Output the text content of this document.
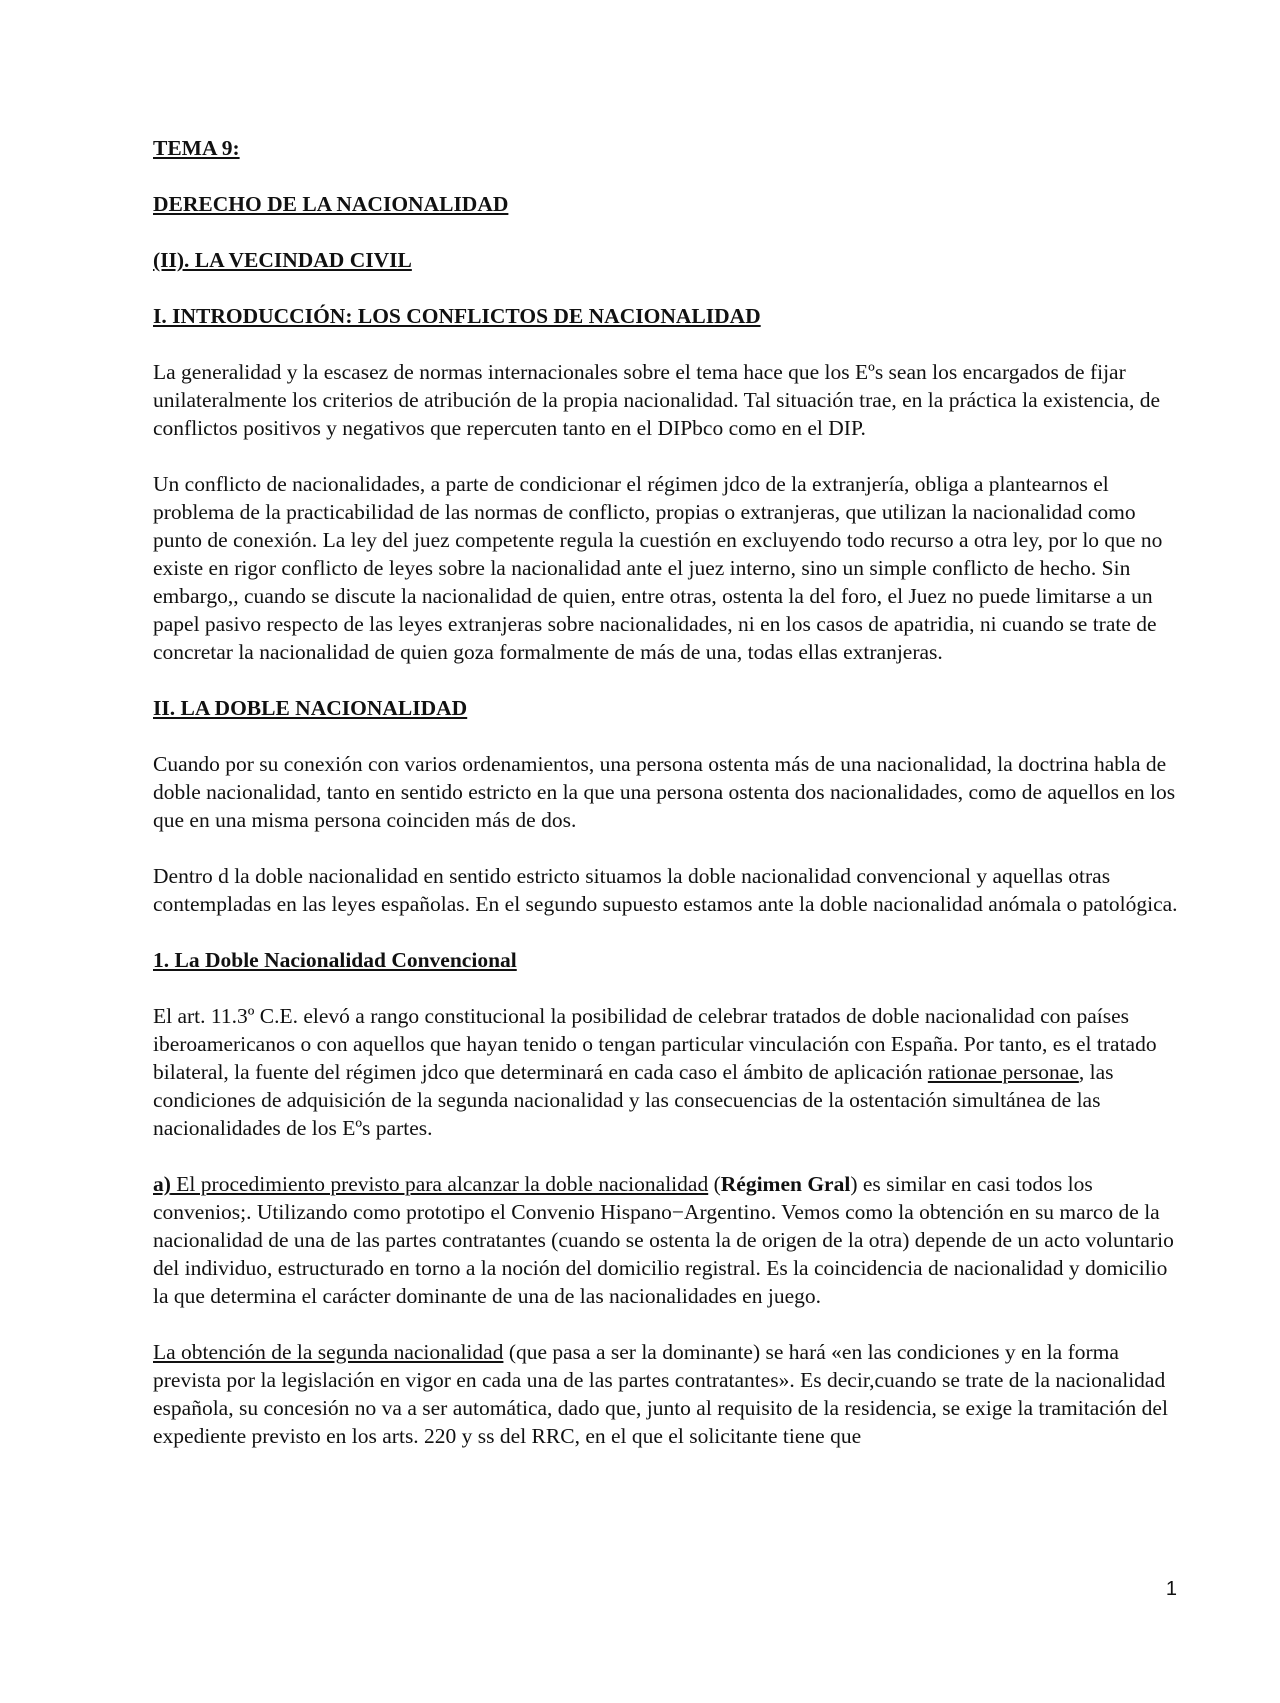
TEMA 9:
DERECHO DE LA NACIONALIDAD
(II). LA VECINDAD CIVIL
I. INTRODUCCIÓN: LOS CONFLICTOS DE NACIONALIDAD

La generalidad y la escasez de normas internacionales sobre el tema hace que los Eºs sean los encargados de fijar unilateralmente los criterios de atribución de la propia nacionalidad. Tal situación trae, en la práctica la existencia, de conflictos positivos y negativos que repercuten tanto en el DIPbco como en el DIP.

Un conflicto de nacionalidades, a parte de condicionar el régimen jdco de la extranjería, obliga a plantearnos el problema de la practicabilidad de las normas de conflicto, propias o extranjeras, que utilizan la nacionalidad como punto de conexión. La ley del juez competente regula la cuestión en excluyendo todo recurso a otra ley, por lo que no existe en rigor conflicto de leyes sobre la nacionalidad ante el juez interno, sino un simple conflicto de hecho. Sin embargo,, cuando se discute la nacionalidad de quien, entre otras, ostenta la del foro, el Juez no puede limitarse a un papel pasivo respecto de las leyes extranjeras sobre nacionalidades, ni en los casos de apatridia, ni cuando se trate de concretar la nacionalidad de quien goza formalmente de más de una, todas ellas extranjeras.

II. LA DOBLE NACIONALIDAD

Cuando por su conexión con varios ordenamientos, una persona ostenta más de una nacionalidad, la doctrina habla de doble nacionalidad, tanto en sentido estricto en la que una persona ostenta dos nacionalidades, como de aquellos en los que en una misma persona coinciden más de dos.

Dentro d la doble nacionalidad en sentido estricto situamos la doble nacionalidad convencional y aquellas otras contempladas en las leyes españolas. En el segundo supuesto estamos ante la doble nacionalidad anómala o patológica.

1. La Doble Nacionalidad Convencional

El art. 11.3º C.E. elevó a rango constitucional la posibilidad de celebrar tratados de doble nacionalidad con países iberoamericanos o con aquellos que hayan tenido o tengan particular vinculación con España. Por tanto, es el tratado bilateral, la fuente del régimen jdco que determinará en cada caso el ámbito de aplicación rationae personae, las condiciones de adquisición de la segunda nacionalidad y las consecuencias de la ostentación simultánea de las nacionalidades de los Eºs partes.

a) El procedimiento previsto para alcanzar la doble nacionalidad (Régimen Gral) es similar en casi todos los convenios;. Utilizando como prototipo el Convenio Hispano−Argentino. Vemos como la obtención en su marco de la nacionalidad de una de las partes contratantes (cuando se ostenta la de origen de la otra) depende de un acto voluntario del individuo, estructurado en torno a la noción del domicilio registral. Es la coincidencia de nacionalidad y domicilio la que determina el carácter dominante de una de las nacionalidades en juego.

La obtención de la segunda nacionalidad (que pasa a ser la dominante) se hará «en las condiciones y en la forma prevista por la legislación en vigor en cada una de las partes contratantes». Es decir,cuando se trate de la nacionalidad española, su concesión no va a ser automática, dado que, junto al requisito de la residencia, se exige la tramitación del expediente previsto en los arts. 220 y ss del RRC, en el que el solicitante tiene que

1
